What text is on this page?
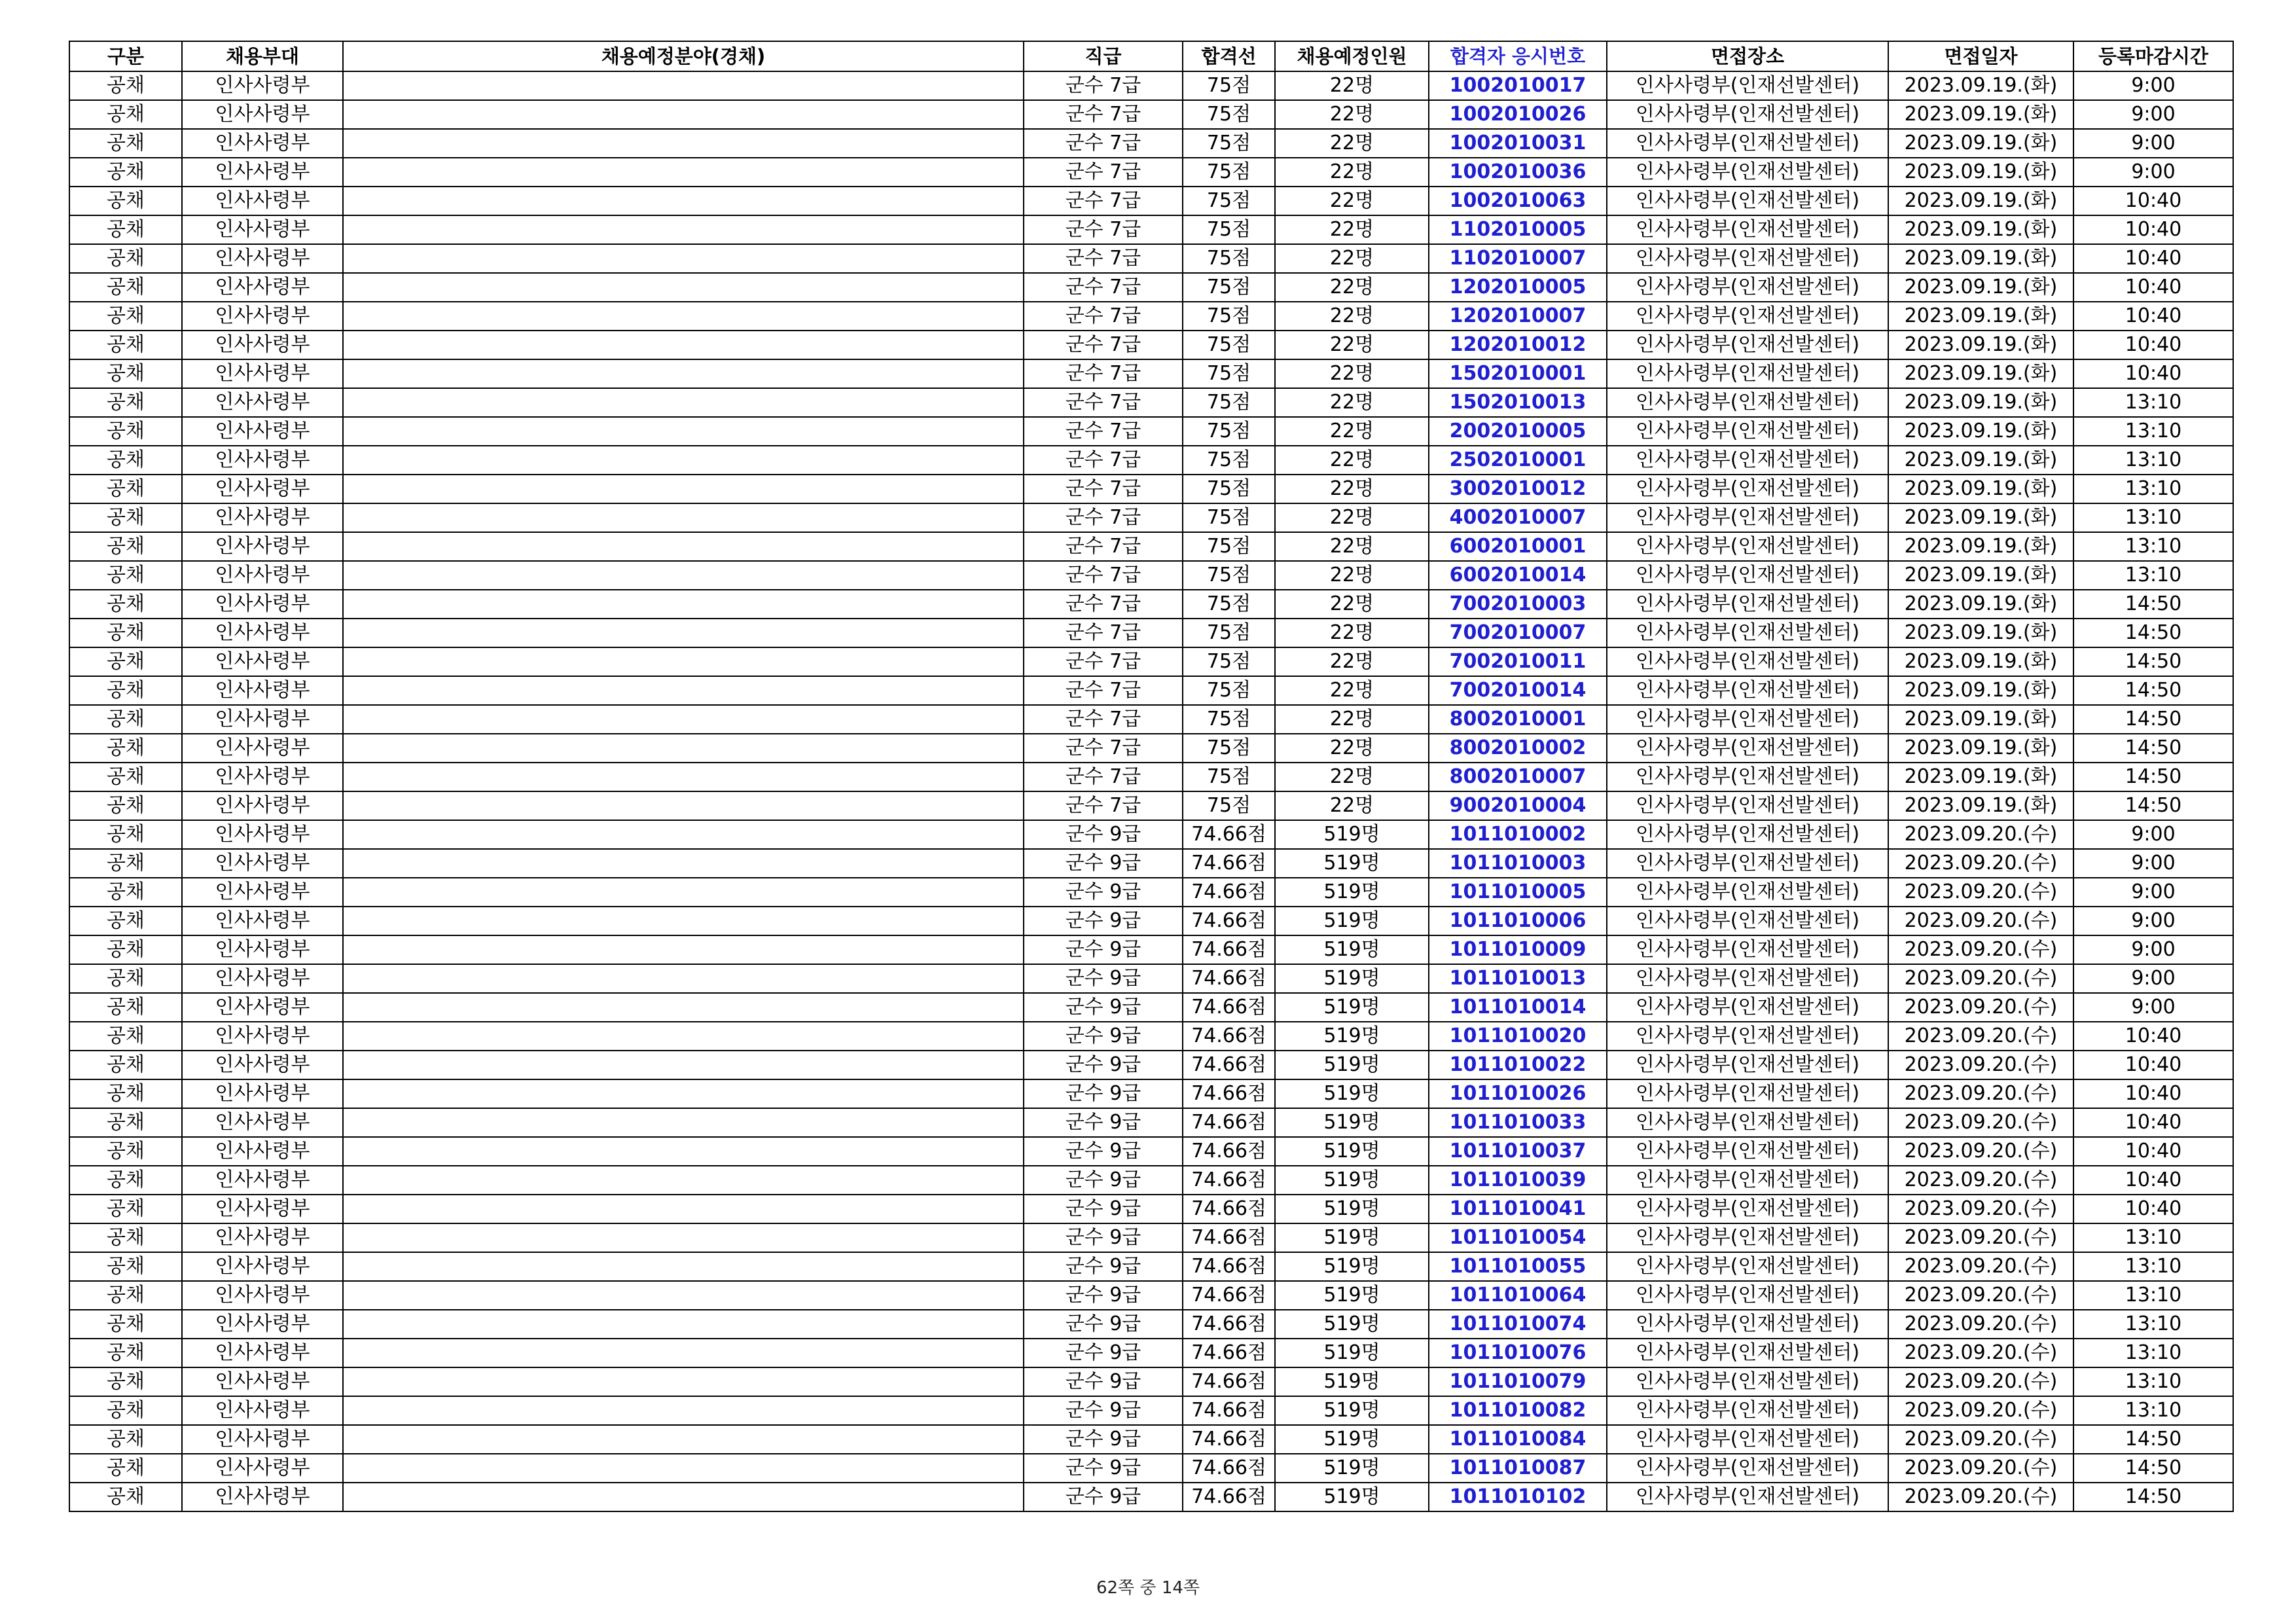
구분	채용부대	채용예정분야(경채)	직급	합격선	채용예정인원	합격자 응시번호	면접장소	면접일자	등록마감시간
공채	인사사령부		군수 7급	75점	22명	1002010017	인사사령부(인재선발센터)	2023.09.19.(화)	9:00
공채	인사사령부		군수 7급	75점	22명	1002010026	인사사령부(인재선발센터)	2023.09.19.(화)	9:00
공채	인사사령부		군수 7급	75점	22명	1002010031	인사사령부(인재선발센터)	2023.09.19.(화)	9:00
공채	인사사령부		군수 7급	75점	22명	1002010036	인사사령부(인재선발센터)	2023.09.19.(화)	9:00
공채	인사사령부		군수 7급	75점	22명	1002010063	인사사령부(인재선발센터)	2023.09.19.(화)	10:40
공채	인사사령부		군수 7급	75점	22명	1102010005	인사사령부(인재선발센터)	2023.09.19.(화)	10:40
공채	인사사령부		군수 7급	75점	22명	1102010007	인사사령부(인재선발센터)	2023.09.19.(화)	10:40
공채	인사사령부		군수 7급	75점	22명	1202010005	인사사령부(인재선발센터)	2023.09.19.(화)	10:40
공채	인사사령부		군수 7급	75점	22명	1202010007	인사사령부(인재선발센터)	2023.09.19.(화)	10:40
공채	인사사령부		군수 7급	75점	22명	1202010012	인사사령부(인재선발센터)	2023.09.19.(화)	10:40
공채	인사사령부		군수 7급	75점	22명	1502010001	인사사령부(인재선발센터)	2023.09.19.(화)	10:40
공채	인사사령부		군수 7급	75점	22명	1502010013	인사사령부(인재선발센터)	2023.09.19.(화)	13:10
공채	인사사령부		군수 7급	75점	22명	2002010005	인사사령부(인재선발센터)	2023.09.19.(화)	13:10
공채	인사사령부		군수 7급	75점	22명	2502010001	인사사령부(인재선발센터)	2023.09.19.(화)	13:10
공채	인사사령부		군수 7급	75점	22명	3002010012	인사사령부(인재선발센터)	2023.09.19.(화)	13:10
공채	인사사령부		군수 7급	75점	22명	4002010007	인사사령부(인재선발센터)	2023.09.19.(화)	13:10
공채	인사사령부		군수 7급	75점	22명	6002010001	인사사령부(인재선발센터)	2023.09.19.(화)	13:10
공채	인사사령부		군수 7급	75점	22명	6002010014	인사사령부(인재선발센터)	2023.09.19.(화)	13:10
공채	인사사령부		군수 7급	75점	22명	7002010003	인사사령부(인재선발센터)	2023.09.19.(화)	14:50
공채	인사사령부		군수 7급	75점	22명	7002010007	인사사령부(인재선발센터)	2023.09.19.(화)	14:50
공채	인사사령부		군수 7급	75점	22명	7002010011	인사사령부(인재선발센터)	2023.09.19.(화)	14:50
공채	인사사령부		군수 7급	75점	22명	7002010014	인사사령부(인재선발센터)	2023.09.19.(화)	14:50
공채	인사사령부		군수 7급	75점	22명	8002010001	인사사령부(인재선발센터)	2023.09.19.(화)	14:50
공채	인사사령부		군수 7급	75점	22명	8002010002	인사사령부(인재선발센터)	2023.09.19.(화)	14:50
공채	인사사령부		군수 7급	75점	22명	8002010007	인사사령부(인재선발센터)	2023.09.19.(화)	14:50
공채	인사사령부		군수 7급	75점	22명	9002010004	인사사령부(인재선발센터)	2023.09.19.(화)	14:50
공채	인사사령부		군수 9급	74.66점	519명	1011010002	인사사령부(인재선발센터)	2023.09.20.(수)	9:00
공채	인사사령부		군수 9급	74.66점	519명	1011010003	인사사령부(인재선발센터)	2023.09.20.(수)	9:00
공채	인사사령부		군수 9급	74.66점	519명	1011010005	인사사령부(인재선발센터)	2023.09.20.(수)	9:00
공채	인사사령부		군수 9급	74.66점	519명	1011010006	인사사령부(인재선발센터)	2023.09.20.(수)	9:00
공채	인사사령부		군수 9급	74.66점	519명	1011010009	인사사령부(인재선발센터)	2023.09.20.(수)	9:00
공채	인사사령부		군수 9급	74.66점	519명	1011010013	인사사령부(인재선발센터)	2023.09.20.(수)	9:00
공채	인사사령부		군수 9급	74.66점	519명	1011010014	인사사령부(인재선발센터)	2023.09.20.(수)	9:00
공채	인사사령부		군수 9급	74.66점	519명	1011010020	인사사령부(인재선발센터)	2023.09.20.(수)	10:40
공채	인사사령부		군수 9급	74.66점	519명	1011010022	인사사령부(인재선발센터)	2023.09.20.(수)	10:40
공채	인사사령부		군수 9급	74.66점	519명	1011010026	인사사령부(인재선발센터)	2023.09.20.(수)	10:40
공채	인사사령부		군수 9급	74.66점	519명	1011010033	인사사령부(인재선발센터)	2023.09.20.(수)	10:40
공채	인사사령부		군수 9급	74.66점	519명	1011010037	인사사령부(인재선발센터)	2023.09.20.(수)	10:40
공채	인사사령부		군수 9급	74.66점	519명	1011010039	인사사령부(인재선발센터)	2023.09.20.(수)	10:40
공채	인사사령부		군수 9급	74.66점	519명	1011010041	인사사령부(인재선발센터)	2023.09.20.(수)	10:40
공채	인사사령부		군수 9급	74.66점	519명	1011010054	인사사령부(인재선발센터)	2023.09.20.(수)	13:10
공채	인사사령부		군수 9급	74.66점	519명	1011010055	인사사령부(인재선발센터)	2023.09.20.(수)	13:10
공채	인사사령부		군수 9급	74.66점	519명	1011010064	인사사령부(인재선발센터)	2023.09.20.(수)	13:10
공채	인사사령부		군수 9급	74.66점	519명	1011010074	인사사령부(인재선발센터)	2023.09.20.(수)	13:10
공채	인사사령부		군수 9급	74.66점	519명	1011010076	인사사령부(인재선발센터)	2023.09.20.(수)	13:10
공채	인사사령부		군수 9급	74.66점	519명	1011010079	인사사령부(인재선발센터)	2023.09.20.(수)	13:10
공채	인사사령부		군수 9급	74.66점	519명	1011010082	인사사령부(인재선발센터)	2023.09.20.(수)	13:10
공채	인사사령부		군수 9급	74.66점	519명	1011010084	인사사령부(인재선발센터)	2023.09.20.(수)	14:50
공채	인사사령부		군수 9급	74.66점	519명	1011010087	인사사령부(인재선발센터)	2023.09.20.(수)	14:50
공채	인사사령부		군수 9급	74.66점	519명	1011010102	인사사령부(인재선발센터)	2023.09.20.(수)	14:50
62쪽 중 14쪽
